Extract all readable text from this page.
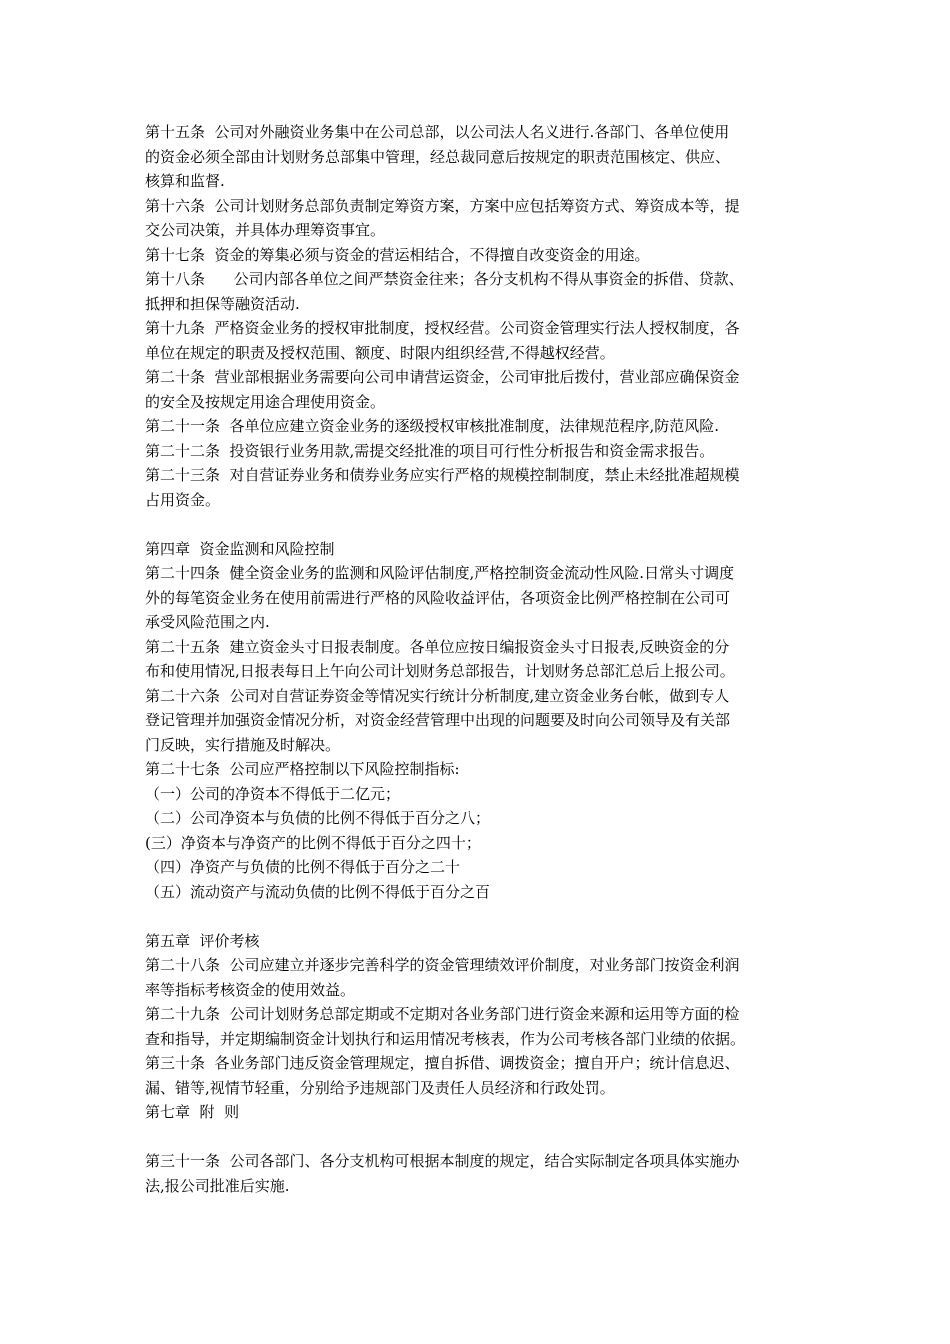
第十五条  公司对外融资业务集中在公司总部，以公司法人名义进行.各部门、各单位使用
的资金必须全部由计划财务总部集中管理，经总裁同意后按规定的职责范围核定、供应、
核算和监督.
第十六条  公司计划财务总部负责制定筹资方案，方案中应包括筹资方式、筹资成本等，提
交公司决策，并具体办理筹资事宜。
第十七条  资金的筹集必须与资金的营运相结合，不得擅自改变资金的用途。
第十八条      公司内部各单位之间严禁资金往来；各分支机构不得从事资金的拆借、贷款、
抵押和担保等融资活动.
第十九条  严格资金业务的授权审批制度，授权经营。公司资金管理实行法人授权制度，各
单位在规定的职责及授权范围、额度、时限内组织经营,不得越权经营。
第二十条  营业部根据业务需要向公司申请营运资金，公司审批后拨付，营业部应确保资金
的安全及按规定用途合理使用资金。
第二十一条  各单位应建立资金业务的逐级授权审核批准制度，法律规范程序,防范风险.
第二十二条  投资银行业务用款,需提交经批准的项目可行性分析报告和资金需求报告。
第二十三条  对自营证券业务和债券业务应实行严格的规模控制制度，禁止未经批准超规模
占用资金。
第四章  资金监测和风险控制
第二十四条  健全资金业务的监测和风险评估制度,严格控制资金流动性风险.日常头寸调度
外的每笔资金业务在使用前需进行严格的风险收益评估，各项资金比例严格控制在公司可
承受风险范围之内.
第二十五条  建立资金头寸日报表制度。各单位应按日编报资金头寸日报表,反映资金的分
布和使用情况,日报表每日上午向公司计划财务总部报告，计划财务总部汇总后上报公司。
第二十六条  公司对自营证券资金等情况实行统计分析制度,建立资金业务台帐，做到专人
登记管理并加强资金情况分析，对资金经营管理中出现的问题要及时向公司领导及有关部
门反映，实行措施及时解决。
第二十七条  公司应严格控制以下风险控制指标:
（一）公司的净资本不得低于二亿元；
（二）公司净资本与负债的比例不得低于百分之八；
(三）净资本与净资产的比例不得低于百分之四十；
（四）净资产与负债的比例不得低于百分之二十
（五）流动资产与流动负债的比例不得低于百分之百
第五章  评价考核
第二十八条  公司应建立并逐步完善科学的资金管理绩效评价制度，对业务部门按资金利润
率等指标考核资金的使用效益。
第二十九条  公司计划财务总部定期或不定期对各业务部门进行资金来源和运用等方面的检
查和指导，并定期编制资金计划执行和运用情况考核表，作为公司考核各部门业绩的依据。
第三十条  各业务部门违反资金管理规定，擅自拆借、调拨资金；擅自开户；统计信息迟、
漏、错等,视情节轻重，分别给予违规部门及责任人员经济和行政处罚。
第七章  附  则
第三十一条  公司各部门、各分支机构可根据本制度的规定，结合实际制定各项具体实施办
法,报公司批准后实施.
